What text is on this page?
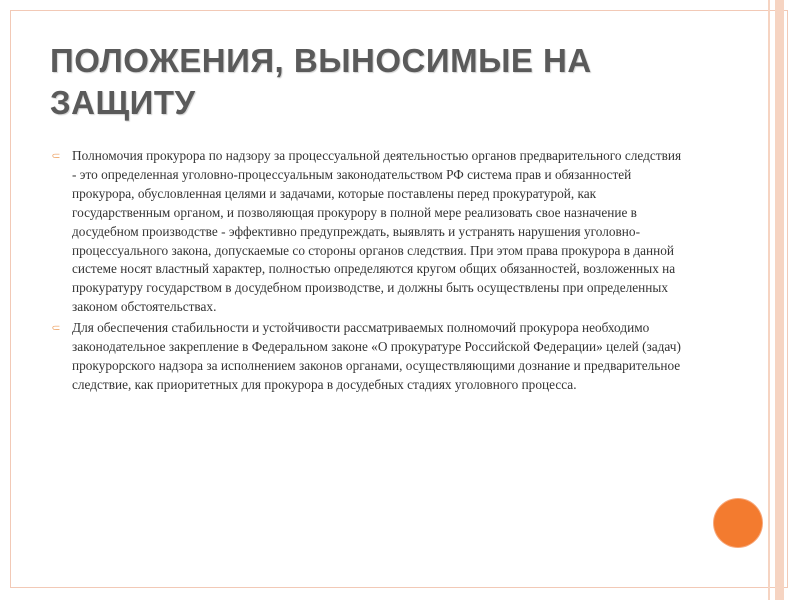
ПОЛОЖЕНИЯ, ВЫНОСИМЫЕ НА ЗАЩИТУ
⸦ Полномочия прокурора по надзору за процессуальной деятельностью органов предварительного следствия - это определенная уголовно-процессуальным законодательством РФ система прав и обязанностей прокурора, обусловленная целями и задачами, которые поставлены перед прокуратурой, как государственным органом, и позволяющая прокурору в полной мере реализовать свое назначение в досудебном производстве - эффективно предупреждать, выявлять и устранять нарушения уголовно-процессуального закона, допускаемые со стороны органов следствия. При этом права прокурора в данной системе носят властный характер, полностью определяются кругом общих обязанностей, возложенных на прокуратуру государством в досудебном производстве, и должны быть осуществлены при определенных законом обстоятельствах.
⸦ Для обеспечения стабильности и устойчивости рассматриваемых полномочий прокурора необходимо законодательное закрепление в Федеральном законе «О прокуратуре Российской Федерации» целей (задач) прокурорского надзора за исполнением законов органами, осуществляющими дознание и предварительное следствие, как приоритетных для прокурора в досудебных стадиях уголовного процесса.
